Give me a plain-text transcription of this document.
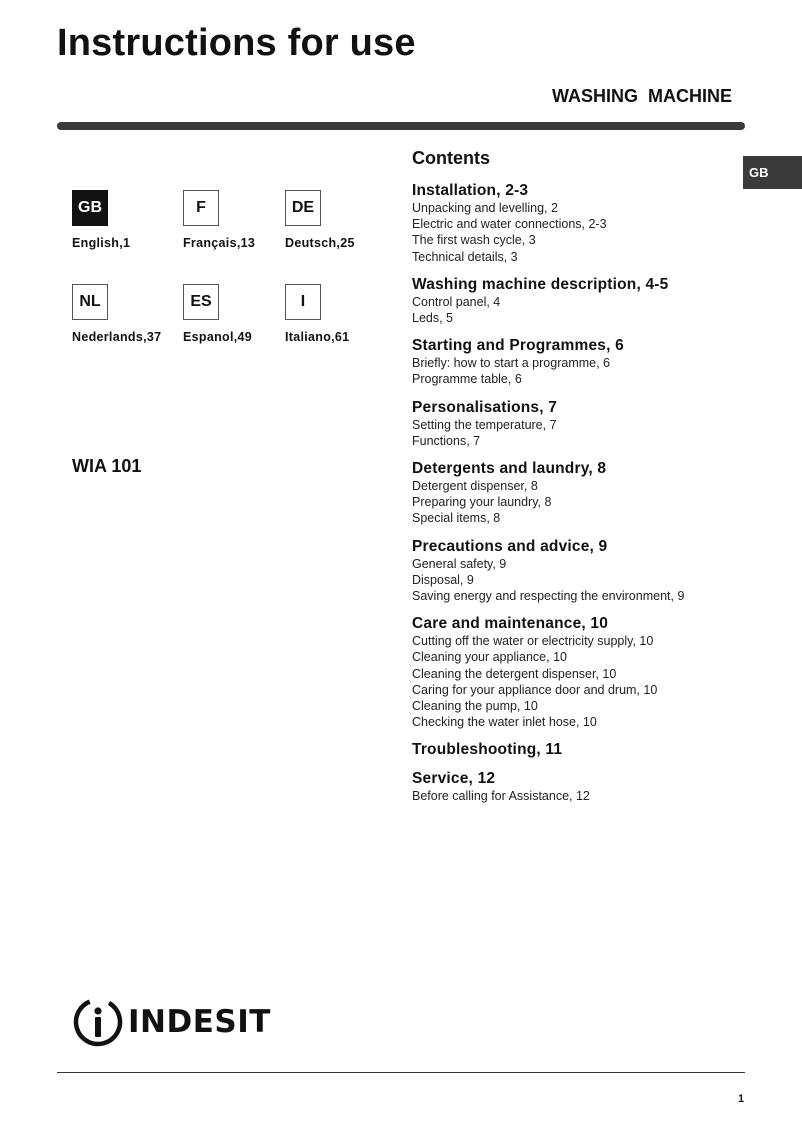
Instructions for use
WASHING MACHINE
GB
GB
English,1
F
Français,13
DE
Deutsch,25
NL
Nederlands,37
ES
Espanol,49
I
Italiano,61
WIA 101
Contents
Installation, 2-3
Unpacking and levelling, 2
Electric and water connections, 2-3
The first wash cycle, 3
Technical details, 3
Washing machine description, 4-5
Control panel, 4
Leds, 5
Starting and Programmes, 6
Briefly: how to start a programme, 6
Programme table, 6
Personalisations, 7
Setting the temperature, 7
Functions, 7
Detergents and laundry, 8
Detergent dispenser, 8
Preparing your laundry, 8
Special items, 8
Precautions and advice, 9
General safety, 9
Disposal, 9
Saving energy and respecting the environment, 9
Care and maintenance, 10
Cutting off the water or electricity supply, 10
Cleaning your appliance, 10
Cleaning the detergent dispenser, 10
Caring for your appliance door and drum, 10
Cleaning the pump, 10
Checking the water inlet hose, 10
Troubleshooting, 11
Service, 12
Before calling for Assistance, 12
INDESIT
1
